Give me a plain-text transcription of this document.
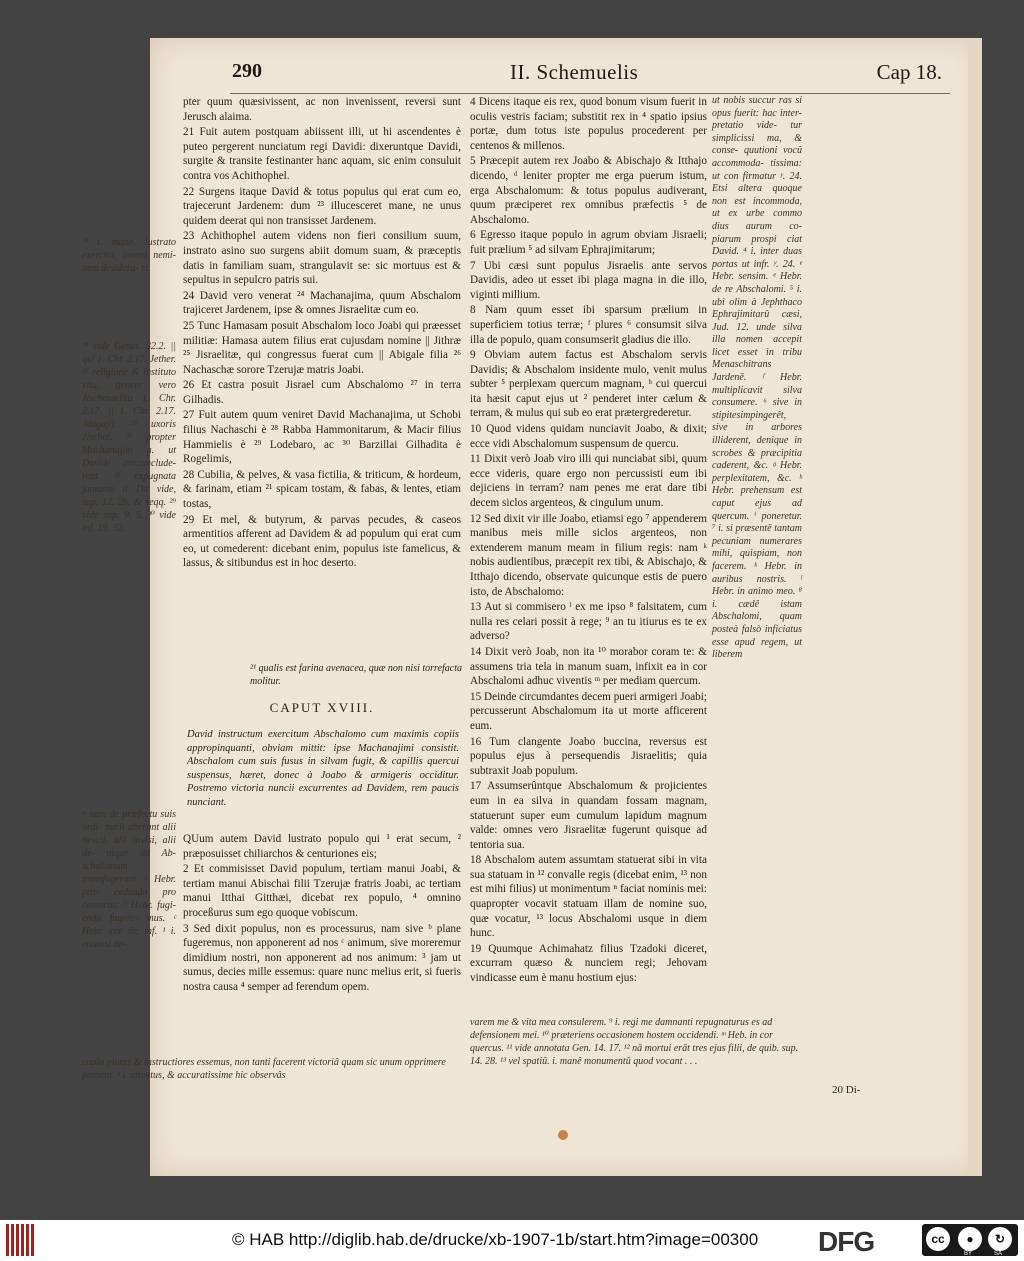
290	II. Schemuelis	Cap 18.

pter quum quæsivissent, ac non invenissent, reversi sunt Jerusch alaima.

21 Fuit autem postquam abiissent illi, ut hi ascendentes è puteo pergerent nunciatum regi Davidi: dixeruntque Davidi, surgite & transite festinanter hanc aquam, sic enim consuluit contra vos Achithophel.

22 Surgens itaque David & totus populus qui erat cum eo, trajecerunt Jardenem: dum ²³ illucesceret mane, ne unus quidem deerat qui non transisset Jardenem.

23 Achithophel autem videns non fieri consilium suum, instrato asino suo surgens abiit domum suam, & præceptis datis in familiam suam, strangulavit se: sic mortuus est & sepultus in sepulcro patris sui.

24 David vero venerat ²⁴ Machanajima, quum Abschalom trajiceret Jardenem, ipse & omnes Jisraelitæ cum eo.

25 Tunc Hamasam posuit Abschalom loco Joabi qui præesset militiæ: Hamasa autem filius erat cujusdam nomine || Jithræ ²⁵ Jisraelitæ, qui congressus fuerat cum || Abigale filia ²⁶ Nachaschæ sorore Tzerujæ matris Joabi.

26 Et castra posuit Jisrael cum Abschalomo ²⁷ in terra Gilhadis.

27 Fuit autem quum veniret David Machanajima, ut Schobi filius Nachaschi è ²⁸ Rabba Hammonitarum, & Macir filius Hammielis è ²⁹ Lodebaro, ac ³⁰ Barzillai Gilhadita è Rogelimis,

28 Cubilia, & pelves, & vasa fictilia, & triticum, & hordeum, & farinam, etiam ²¹ spicam tostam, & fabas, & lentes, etiam tostas,

29 Et mel, & butyrum, & parvas pecudes, & caseos armentitios afferent ad Davidem & ad populum qui erat cum eo, ut comederent: dicebant enim, populus iste famelicus, & lassus, & sitibundus est in hoc deserto.

²³ i. mane. lustrato exercitu, inveni nemi- nem desidera- ri.
²⁴ vide Genes. 32.2. || qui 1. Chr. 2.17. Jether. ²⁵ religione & instituto vita, genere vero Jischmaelita 1. Chr. 2.17. || 1. Chr. 2.17. Abigajil. ²⁶ uxoris Jischai. ²⁷ propter Machanajim a. ut Davide circumclude- rent. ²⁸ expugnata jamante à Da vide, sup. 12. 26. & seqq. ²⁹ vide sup. 9. 5. ³⁰ vide inf. 19. 32.
²¹ qualis est farina avenacea, quæ non nisi torrefacta molitur.
CAPUT XVIII.
David instructum exercitum Abschalomo cum maximis copiis appropinquanti, obviam mittit: ipse Machanajimi consistit. Abschalom cum suis fusus in silvam fugit, & capillis quercui suspensus, hæret, donec à Joabo & armigeris occiditur. Postremo victoria nuncii excurrentes ad Davidem, rem paucis nunciant.

QUum autem David lustrato populo qui ¹ erat secum, ² præposuisset chiliarchos & centuriones eis;

2 Et commisisset David populum, tertiam manui Joabi, & tertiam manui Abischai filii Tzerujæ fratris Joabi, ac tertiam manui Itthai Gitthæi, dicebat rex populo, ⁴ omnino proceßurus sum ego quoque vobiscum.

3 Sed dixit populus, non es processurus, nam sive ᵇ plane fugeremus, non apponerent ad nos ᶜ animum, sive moreremur dimidium nostri, non apponerent ad nos animum: ³ jam ut sumus, decies mille essemus: quare nunc melius erit, si fueris nostra causa ⁴ semper ad ferendum opem.

ᵃ nam de præfectu suis ordi- narii aberant alii nescii, alii invisi, alii de- nique ad Ab- schalomum transfugerant ᵇ Hebr. pro- cedendo pro cessurus. ᵇ Hebr. fugi- endo fugere- mus. ᶜ Hebr. cor sic inf. ¹ i. etiamsi de-
cuplo plures & instructiores essemus, non tanti facerent victoriâ quam sic unum opprimere possent. ³ i. attentus, & accuratissime hic observâs

4 Dicens itaque eis rex, quod bonum visum fuerit in oculis vestris faciam; substitit rex in ⁴ spatio ipsius portæ, dum totus iste populus procederent per centenos & millenos.

5 Præcepit autem rex Joabo & Abischajo & Itthajo dicendo, ᵈ leniter propter me erga puerum istum, erga Abschalomum: & totus populus audiverant, quum præciperet rex omnibus præfectis ⁵ de Abschalomo.

6 Egresso itaque populo in agrum obviam Jisraeli; fuit prælium ⁵ ad silvam Ephrajimitarum;

7 Ubi cæsi sunt populus Jisraelis ante servos Davidis, adeo ut esset ibi plaga magna in die illo, viginti millium.

8 Nam quum esset ibi sparsum prælium in superficiem totius terræ; ᶠ plures ⁶ consumsit silva illa de populo, quam consumserit gladius die illo.

9 Obviam autem factus est Abschalom servis Davidis; & Abschalom insidente mulo, venit mulus subter ⁵ perplexam quercum magnam, ʰ cui quercui ita hæsit caput ejus ut ² penderet inter cælum & terram, & mulus qui sub eo erat prætergrederetur.

10 Quod videns quidam nunciavit Joabo, & dixit; ecce vidi Abschalomum suspensum de quercu.

11 Dixit verò Joab viro illi qui nunciabat sibi, quum ecce videris, quare ergo non percussisti eum ibi dejiciens in terram? nam penes me erat dare tibi decem siclos argenteos, & cingulum unum.

12 Sed dixit vir ille Joabo, etiamsi ego ⁷ appenderem manibus meis mille siclos argenteos, non extenderem manum meam in filium regis: nam ᵏ nobis audientibus, præcepit rex tibi, & Abischajo, & Itthajo dicendo, observate quicunque estis de puero isto, de Abschalomo:

13 Aut si commisero ˡ ex me ipso ⁸ falsitatem, cum nulla res celari possit à rege; ⁹ an tu itiurus es te ex adverso?

14 Dixit verò Joab, non ita ¹⁰ morabor coram te: & assumens tria tela in manum suam, infixit ea in cor Abschalomi adhuc viventis ᵐ per mediam quercum.

15 Deinde circumdantes decem pueri armigeri Joabi; percusserunt Abschalomum ita ut morte afficerent eum.

16 Tum clangente Joabo buccina, reversus est populus ejus à persequendis Jisraelitis; quia subtraxit Joab populum.

17 Assumserûntque Abschalomum & projicientes eum in ea silva in quandam fossam magnam, statuerunt super eum cumulum lapidum magnum valde: omnes vero Jisraelitæ fugerunt quisque ad tentoria sua.

18 Abschalom autem assumtam statuerat sibi in vita sua statuam in ¹² convalle regis (dicebat enim, ¹³ non est mihi filius) ut monimentum ⁿ faciat nominis mei: quapropter vocavit statuam illam de nomine suo, quæ vocatur, ¹³ locus Abschalomi usque in diem hunc.

19 Quumque Achimahatz filius Tzadoki diceret, excurram quæso & nunciem regi; Jehovam vindicasse eum è manu hostium ejus:

ut nobis succur ras si opus fuerit: hac inter- pretatio vide- tur simplicissi ma, & conse- quutioni vocû accommoda- tissima: ut con firmatur ʸ. 24. Etsi altera quoque non est incommoda, ut ex urbe commo dius aurum co- piarum prospi ciat David. ⁴ i. inter duas portas ut infr. ʸ. 24. ᵉ Hebr. sensim. ᵉ Hebr. de re Abschalomi. ⁵ i. ubi olim à Jephthaco Ephrajimitarû cæsi, Jud. 12. unde silva illa nomen accepit licet esset in tribu Menaschitrans Jardenē. ᶠ Hebr. multiplicavit silva consumere. ⁶ sive in stipitesimpingerêt, sive in arbores illiderent, denique in scrobes & præcipitia caderent, &c. ᵍ Hebr. perplexitatem, &c. ʰ Hebr. prehensum est caput ejus ad quercum. ⁱ poneretur. ⁷ i. si præsentē tantam pecuniam numerares mihi, quispiam, non facerem. ᵏ Hebr. in auribus nostris. ˡ Hebr. in animo meo. ⁸ i. cædê istam Abschalomi, quam posteà falsò inficiatus esse apud regem, ut liberem
varem me & vita mea consulerem. ⁹ i. regi me damnanti repugnaturus es ad defensionem mei. ¹⁰ præteriens occasionem hostem occidendi. ᵐ Heb. in cor quercus. ¹¹ vide annotata Gen. 14. 17. ¹² nā mortui erāt tres ejus filii, de quib. sup. 14. 28. ¹³ vel spatiū. i. manê monumentū quod vocant . . .
20 Di-
© HAB http://diglib.hab.de/drucke/xb-1907-1b/start.htm?image=00300 DFG	cc	●	↻
BY	SA
